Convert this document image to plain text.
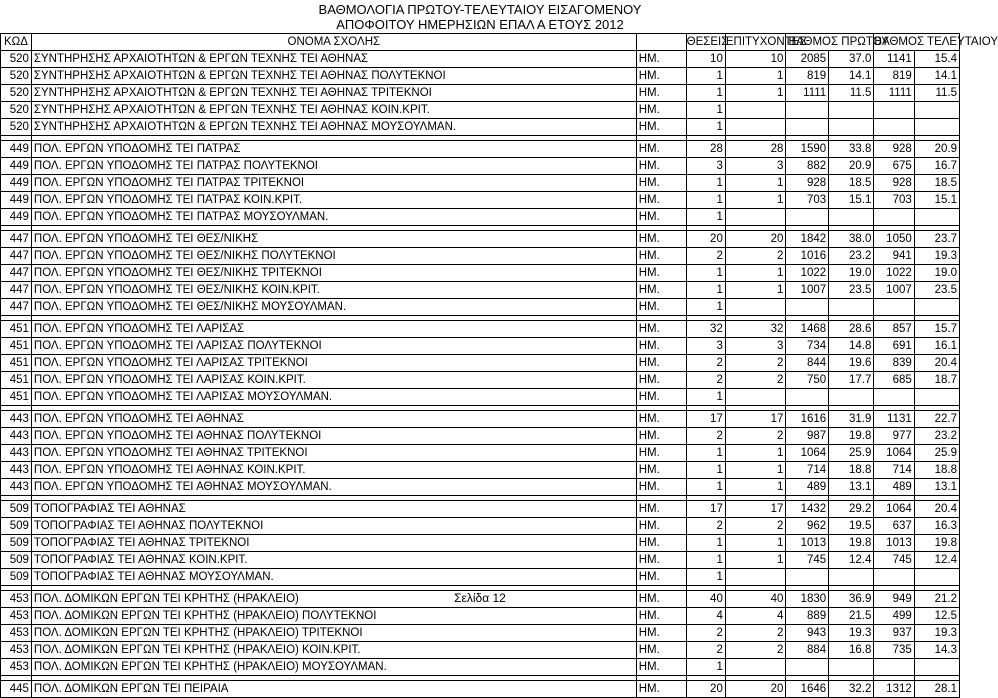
ΒΑΘΜΟΛΟΓΙΑ ΠΡΩΤΟΥ-ΤΕΛΕΥΤΑΙΟΥ ΕΙΣΑΓΟΜΕΝΟΥ
ΑΠΟΦΟΙΤΟΥ ΗΜΕΡΗΣΙΩΝ ΕΠΑΛ Α ΕΤΟΥΣ 2012
ΚΩΔ	ΟΝΟΜΑ ΣΧΟΛΗΣ		ΘΕΣΕΙΣ	ΕΠΙΤΥΧΟΝΤΕΣ	ΒΑΘΜΟΣ ΠΡΩΤΟΥ		ΒΑΘΜΟΣ ΤΕΛΕΥΤΑΙΟΥ	
520	ΣΥΝΤΗΡΗΣΗΣ ΑΡΧΑΙΟΤΗΤΩΝ & ΕΡΓΩΝ ΤΕΧΝΗΣ ΤΕΙ ΑΘΗΝΑΣ	ΗΜ.	10	10	2085	37.0	1141	15.4
520	ΣΥΝΤΗΡΗΣΗΣ ΑΡΧΑΙΟΤΗΤΩΝ & ΕΡΓΩΝ ΤΕΧΝΗΣ ΤΕΙ ΑΘΗΝΑΣ ΠΟΛΥΤΕΚΝΟΙ	ΗΜ.	1	1	819	14.1	819	14.1
520	ΣΥΝΤΗΡΗΣΗΣ ΑΡΧΑΙΟΤΗΤΩΝ & ΕΡΓΩΝ ΤΕΧΝΗΣ ΤΕΙ ΑΘΗΝΑΣ ΤΡΙΤΕΚΝΟΙ	ΗΜ.	1	1	1111	11.5	1111	11.5
520	ΣΥΝΤΗΡΗΣΗΣ ΑΡΧΑΙΟΤΗΤΩΝ & ΕΡΓΩΝ ΤΕΧΝΗΣ ΤΕΙ ΑΘΗΝΑΣ ΚΟΙΝ.ΚΡΙΤ.	ΗΜ.	1					
520	ΣΥΝΤΗΡΗΣΗΣ ΑΡΧΑΙΟΤΗΤΩΝ & ΕΡΓΩΝ ΤΕΧΝΗΣ ΤΕΙ ΑΘΗΝΑΣ ΜΟΥΣΟΥΛΜΑΝ.	ΗΜ.	1					

449	ΠΟΛ. ΕΡΓΩΝ ΥΠΟΔΟΜΗΣ ΤΕΙ ΠΑΤΡΑΣ	ΗΜ.	28	28	1590	33.8	928	20.9
449	ΠΟΛ. ΕΡΓΩΝ ΥΠΟΔΟΜΗΣ ΤΕΙ ΠΑΤΡΑΣ ΠΟΛΥΤΕΚΝΟΙ	ΗΜ.	3	3	882	20.9	675	16.7
449	ΠΟΛ. ΕΡΓΩΝ ΥΠΟΔΟΜΗΣ ΤΕΙ ΠΑΤΡΑΣ ΤΡΙΤΕΚΝΟΙ	ΗΜ.	1	1	928	18.5	928	18.5
449	ΠΟΛ. ΕΡΓΩΝ ΥΠΟΔΟΜΗΣ ΤΕΙ ΠΑΤΡΑΣ ΚΟΙΝ.ΚΡΙΤ.	ΗΜ.	1	1	703	15.1	703	15.1
449	ΠΟΛ. ΕΡΓΩΝ ΥΠΟΔΟΜΗΣ ΤΕΙ ΠΑΤΡΑΣ ΜΟΥΣΟΥΛΜΑΝ.	ΗΜ.	1					

447	ΠΟΛ. ΕΡΓΩΝ ΥΠΟΔΟΜΗΣ ΤΕΙ ΘΕΣ/ΝΙΚΗΣ	ΗΜ.	20	20	1842	38.0	1050	23.7
447	ΠΟΛ. ΕΡΓΩΝ ΥΠΟΔΟΜΗΣ ΤΕΙ ΘΕΣ/ΝΙΚΗΣ ΠΟΛΥΤΕΚΝΟΙ	ΗΜ.	2	2	1016	23.2	941	19.3
447	ΠΟΛ. ΕΡΓΩΝ ΥΠΟΔΟΜΗΣ ΤΕΙ ΘΕΣ/ΝΙΚΗΣ ΤΡΙΤΕΚΝΟΙ	ΗΜ.	1	1	1022	19.0	1022	19.0
447	ΠΟΛ. ΕΡΓΩΝ ΥΠΟΔΟΜΗΣ ΤΕΙ ΘΕΣ/ΝΙΚΗΣ ΚΟΙΝ.ΚΡΙΤ.	ΗΜ.	1	1	1007	23.5	1007	23.5
447	ΠΟΛ. ΕΡΓΩΝ ΥΠΟΔΟΜΗΣ ΤΕΙ ΘΕΣ/ΝΙΚΗΣ ΜΟΥΣΟΥΛΜΑΝ.	ΗΜ.	1					

451	ΠΟΛ. ΕΡΓΩΝ ΥΠΟΔΟΜΗΣ ΤΕΙ ΛΑΡΙΣΑΣ	ΗΜ.	32	32	1468	28.6	857	15.7
451	ΠΟΛ. ΕΡΓΩΝ ΥΠΟΔΟΜΗΣ ΤΕΙ ΛΑΡΙΣΑΣ ΠΟΛΥΤΕΚΝΟΙ	ΗΜ.	3	3	734	14.8	691	16.1
451	ΠΟΛ. ΕΡΓΩΝ ΥΠΟΔΟΜΗΣ ΤΕΙ ΛΑΡΙΣΑΣ ΤΡΙΤΕΚΝΟΙ	ΗΜ.	2	2	844	19.6	839	20.4
451	ΠΟΛ. ΕΡΓΩΝ ΥΠΟΔΟΜΗΣ ΤΕΙ ΛΑΡΙΣΑΣ ΚΟΙΝ.ΚΡΙΤ.	ΗΜ.	2	2	750	17.7	685	18.7
451	ΠΟΛ. ΕΡΓΩΝ ΥΠΟΔΟΜΗΣ ΤΕΙ ΛΑΡΙΣΑΣ ΜΟΥΣΟΥΛΜΑΝ.	ΗΜ.	1					

443	ΠΟΛ. ΕΡΓΩΝ ΥΠΟΔΟΜΗΣ ΤΕΙ ΑΘΗΝΑΣ	ΗΜ.	17	17	1616	31.9	1131	22.7
443	ΠΟΛ. ΕΡΓΩΝ ΥΠΟΔΟΜΗΣ ΤΕΙ ΑΘΗΝΑΣ ΠΟΛΥΤΕΚΝΟΙ	ΗΜ.	2	2	987	19.8	977	23.2
443	ΠΟΛ. ΕΡΓΩΝ ΥΠΟΔΟΜΗΣ ΤΕΙ ΑΘΗΝΑΣ ΤΡΙΤΕΚΝΟΙ	ΗΜ.	1	1	1064	25.9	1064	25.9
443	ΠΟΛ. ΕΡΓΩΝ ΥΠΟΔΟΜΗΣ ΤΕΙ ΑΘΗΝΑΣ ΚΟΙΝ.ΚΡΙΤ.	ΗΜ.	1	1	714	18.8	714	18.8
443	ΠΟΛ. ΕΡΓΩΝ ΥΠΟΔΟΜΗΣ ΤΕΙ ΑΘΗΝΑΣ ΜΟΥΣΟΥΛΜΑΝ.	ΗΜ.	1	1	489	13.1	489	13.1

509	ΤΟΠΟΓΡΑΦΙΑΣ ΤΕΙ ΑΘΗΝΑΣ	ΗΜ.	17	17	1432	29.2	1064	20.4
509	ΤΟΠΟΓΡΑΦΙΑΣ ΤΕΙ ΑΘΗΝΑΣ ΠΟΛΥΤΕΚΝΟΙ	ΗΜ.	2	2	962	19.5	637	16.3
509	ΤΟΠΟΓΡΑΦΙΑΣ ΤΕΙ ΑΘΗΝΑΣ ΤΡΙΤΕΚΝΟΙ	ΗΜ.	1	1	1013	19.8	1013	19.8
509	ΤΟΠΟΓΡΑΦΙΑΣ ΤΕΙ ΑΘΗΝΑΣ ΚΟΙΝ.ΚΡΙΤ.	ΗΜ.	1	1	745	12.4	745	12.4
509	ΤΟΠΟΓΡΑΦΙΑΣ ΤΕΙ ΑΘΗΝΑΣ ΜΟΥΣΟΥΛΜΑΝ.	ΗΜ.	1					

453	ΠΟΛ. ΔΟΜΙΚΩΝ ΕΡΓΩΝ ΤΕΙ ΚΡΗΤΗΣ (ΗΡΑΚΛΕΙΟ)	ΗΜ.	40	40	1830	36.9	949	21.2
453	ΠΟΛ. ΔΟΜΙΚΩΝ ΕΡΓΩΝ ΤΕΙ ΚΡΗΤΗΣ (ΗΡΑΚΛΕΙΟ) ΠΟΛΥΤΕΚΝΟΙ	ΗΜ.	4	4	889	21.5	499	12.5
453	ΠΟΛ. ΔΟΜΙΚΩΝ ΕΡΓΩΝ ΤΕΙ ΚΡΗΤΗΣ (ΗΡΑΚΛΕΙΟ) ΤΡΙΤΕΚΝΟΙ	ΗΜ.	2	2	943	19.3	937	19.3
453	ΠΟΛ. ΔΟΜΙΚΩΝ ΕΡΓΩΝ ΤΕΙ ΚΡΗΤΗΣ (ΗΡΑΚΛΕΙΟ) ΚΟΙΝ.ΚΡΙΤ.	ΗΜ.	2	2	884	16.8	735	14.3
453	ΠΟΛ. ΔΟΜΙΚΩΝ ΕΡΓΩΝ ΤΕΙ ΚΡΗΤΗΣ (ΗΡΑΚΛΕΙΟ) ΜΟΥΣΟΥΛΜΑΝ.	ΗΜ.	1					

445	ΠΟΛ. ΔΟΜΙΚΩΝ ΕΡΓΩΝ ΤΕΙ ΠΕΙΡΑΙΑ	ΗΜ.	20	20	1646	32.2	1312	28.1
Σελίδα 12
